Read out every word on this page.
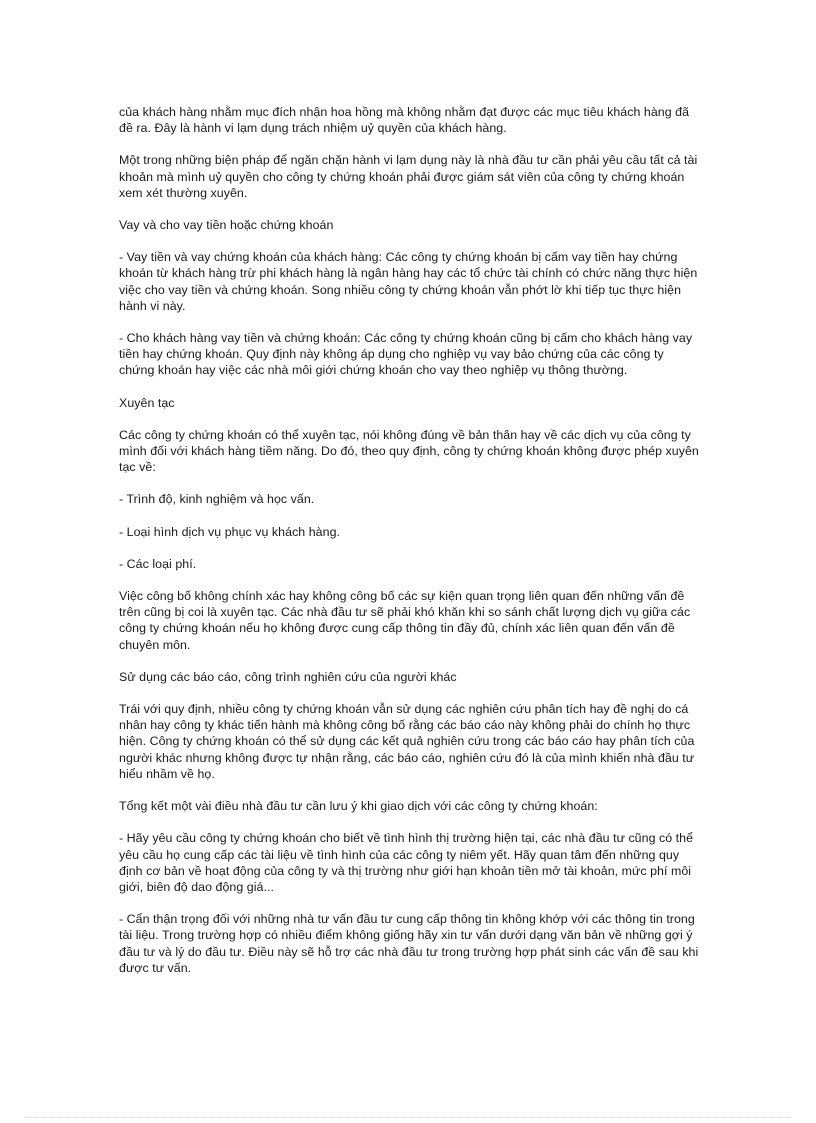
của khách hàng nhằm mục đích nhận hoa hồng mà không nhằm đạt được các mục tiêu khách hàng đã đề ra. Đây là hành vi lạm dụng trách nhiệm uỷ quyền của khách hàng.

Một trong những biện pháp để ngăn chặn hành vi lạm dụng này là nhà đầu tư cần phải yêu cầu tất cả tài khoản mà mình uỷ quyền cho công ty chứng khoán phải được giám sát viên của công ty chứng khoán xem xét thường xuyên.

Vay và cho vay tiền hoặc chứng khoán

- Vay tiền và vay chứng khoán của khách hàng: Các công ty chứng khoán bị cấm vay tiền hay chứng khoán từ khách hàng trừ phi khách hàng là ngân hàng hay các tổ chức tài chính có chức năng thực hiện việc cho vay tiền và chứng khoán. Song nhiều công ty chứng khoán vẫn phớt lờ khi tiếp tục thực hiện hành vi này.

- Cho khách hàng vay tiền và chứng khoán: Các công ty chứng khoán cũng bị cấm cho khách hàng vay tiền hay chứng khoán. Quy định này không áp dụng cho nghiệp vụ vay bảo chứng của các công ty chứng khoán hay việc các nhà môi giới chứng khoán cho vay theo nghiệp vụ thông thường.

Xuyên tạc

Các công ty chứng khoán có thể xuyên tạc, nói không đúng về bản thân hay về các dịch vụ của công ty mình đối với khách hàng tiềm năng. Do đó, theo quy định, công ty chứng khoán không được phép xuyên tạc về:

- Trình độ, kinh nghiệm và học vấn.

- Loại hình dịch vụ phục vụ khách hàng.

- Các loại phí.

Việc công bố không chính xác hay không công bố các sự kiện quan trọng liên quan đến những vấn đề trên cũng bị coi là xuyên tạc. Các nhà đầu tư sẽ phải khó khăn khi so sánh chất lượng dịch vụ giữa các công ty chứng khoán nếu họ không được cung cấp thông tin đầy đủ, chính xác liên quan đến vấn đề chuyên môn.

Sử dụng các báo cáo, công trình nghiên cứu của người khác

Trái với quy định, nhiều công ty chứng khoán vẫn sử dụng các nghiên cứu phân tích hay đề nghị do cá nhân hay công ty khác tiến hành mà không công bố rằng các báo cáo này không phải do chính họ thực hiện. Công ty chứng khoán có thể sử dụng các kết quả nghiên cứu trong các báo cáo hay phân tích của người khác nhưng không được tự nhận rằng, các báo cáo, nghiên cứu đó là của mình khiến nhà đầu tư hiểu nhầm về họ.

Tổng kết một vài điều nhà đầu tư cần lưu ý khi giao dịch với các công ty chứng khoán:

- Hãy yêu cầu công ty chứng khoán cho biết về tình hình thị trường hiện tại, các nhà đầu tư cũng có thể yêu cầu họ cung cấp các tài liệu về tình hình của các công ty niêm yết. Hãy quan tâm đến những quy định cơ bản về hoạt động của công ty và thị trường như giới hạn khoản tiền mở tài khoản, mức phí môi giới, biên độ dao động giá...

- Cẩn thận trọng đối với những nhà tư vấn đầu tư cung cấp thông tin không khớp với các thông tin trong tài liệu. Trong trường hợp có nhiều điểm không giống hãy xin tư vấn dưới dạng văn bản về những gợi ý đầu tư và lý do đầu tư. Điều này sẽ hỗ trợ các nhà đầu tư trong trường hợp phát sinh các vấn đề sau khi được tư vấn.
